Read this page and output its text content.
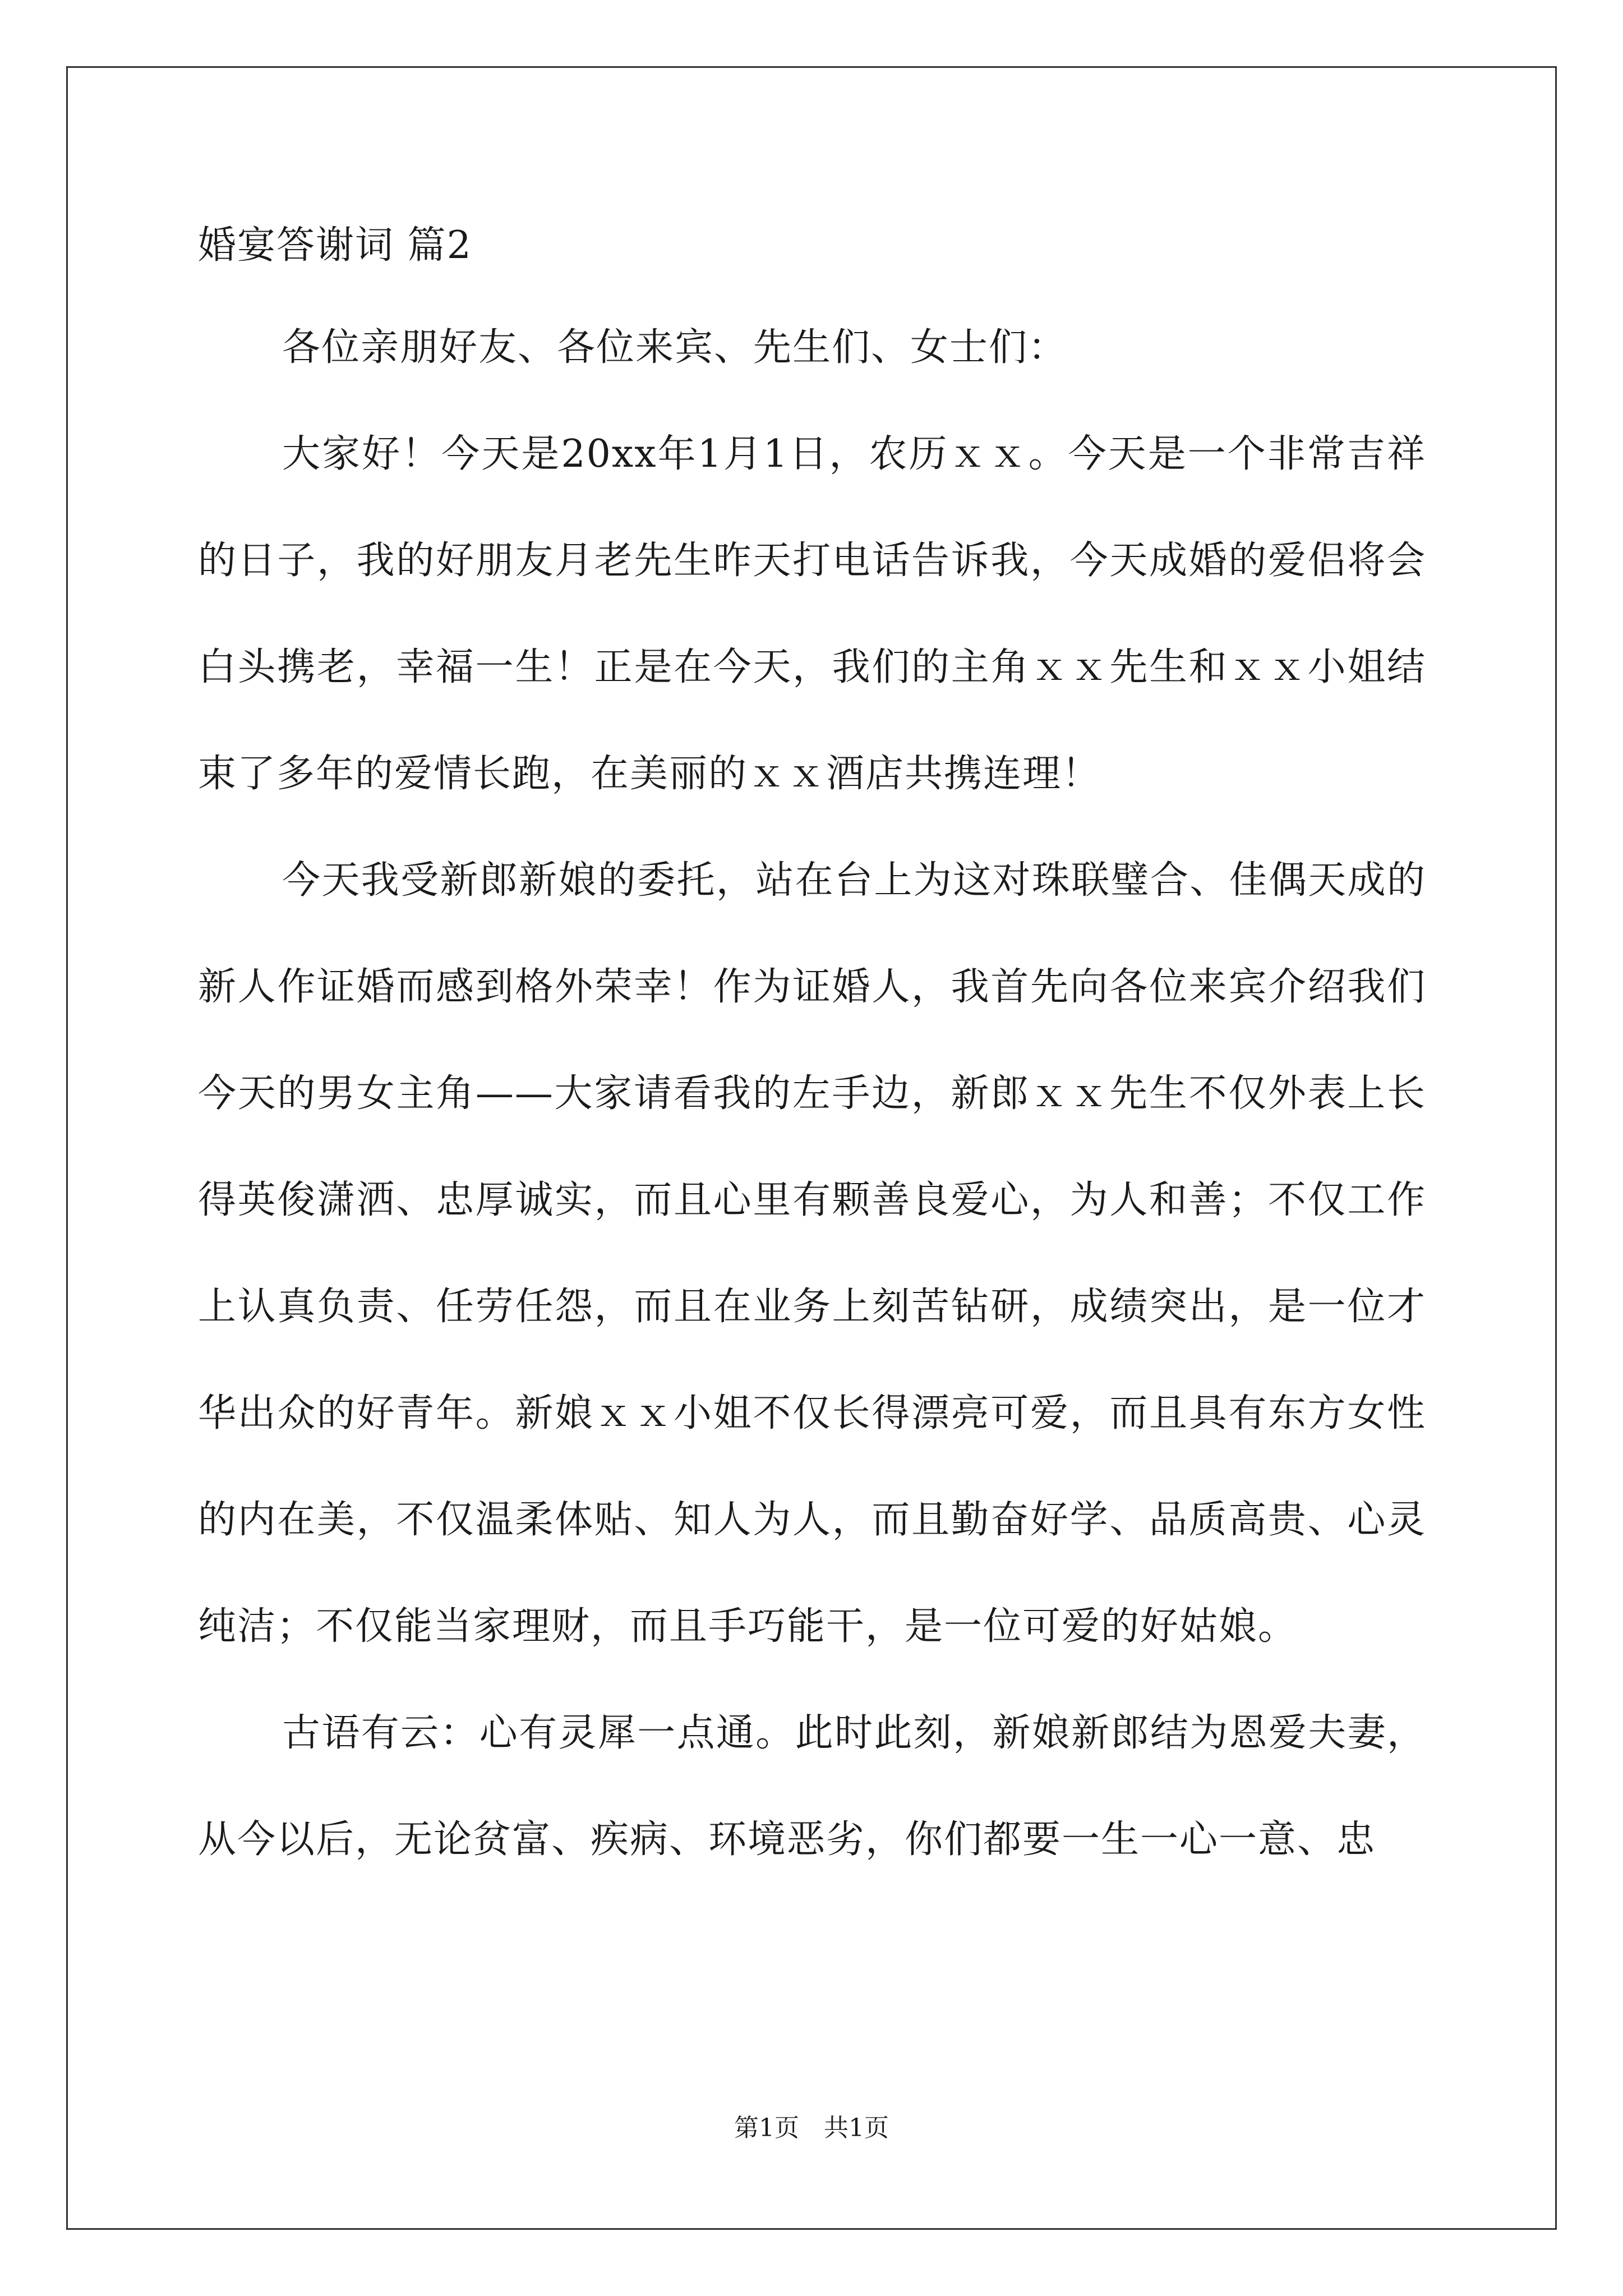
婚宴答谢词 篇2

各位亲朋好友、各位来宾、先生们、女士们：

大家好！今天是20xx年1月1日，农历ｘｘ。今天是一个非常吉祥的日子，我的好朋友月老先生昨天打电话告诉我，今天成婚的爱侣将会白头携老，幸福一生！正是在今天，我们的主角ｘｘ先生和ｘｘ小姐结束了多年的爱情长跑，在美丽的ｘｘ酒店共携连理！

今天我受新郎新娘的委托，站在台上为这对珠联璧合、佳偶天成的新人作证婚而感到格外荣幸！作为证婚人，我首先向各位来宾介绍我们今天的男女主角——大家请看我的左手边，新郎ｘｘ先生不仅外表上长得英俊潇洒、忠厚诚实，而且心里有颗善良爱心，为人和善；不仅工作上认真负责、任劳任怨，而且在业务上刻苦钻研，成绩突出，是一位才华出众的好青年。新娘ｘｘ小姐不仅长得漂亮可爱，而且具有东方女性的内在美，不仅温柔体贴、知人为人，而且勤奋好学、品质高贵、心灵纯洁；不仅能当家理财，而且手巧能干，是一位可爱的好姑娘。

古语有云：心有灵犀一点通。此时此刻，新娘新郎结为恩爱夫妻，从今以后，无论贫富、疾病、环境恶劣，你们都要一生一心一意、忠

第1页　共1页
